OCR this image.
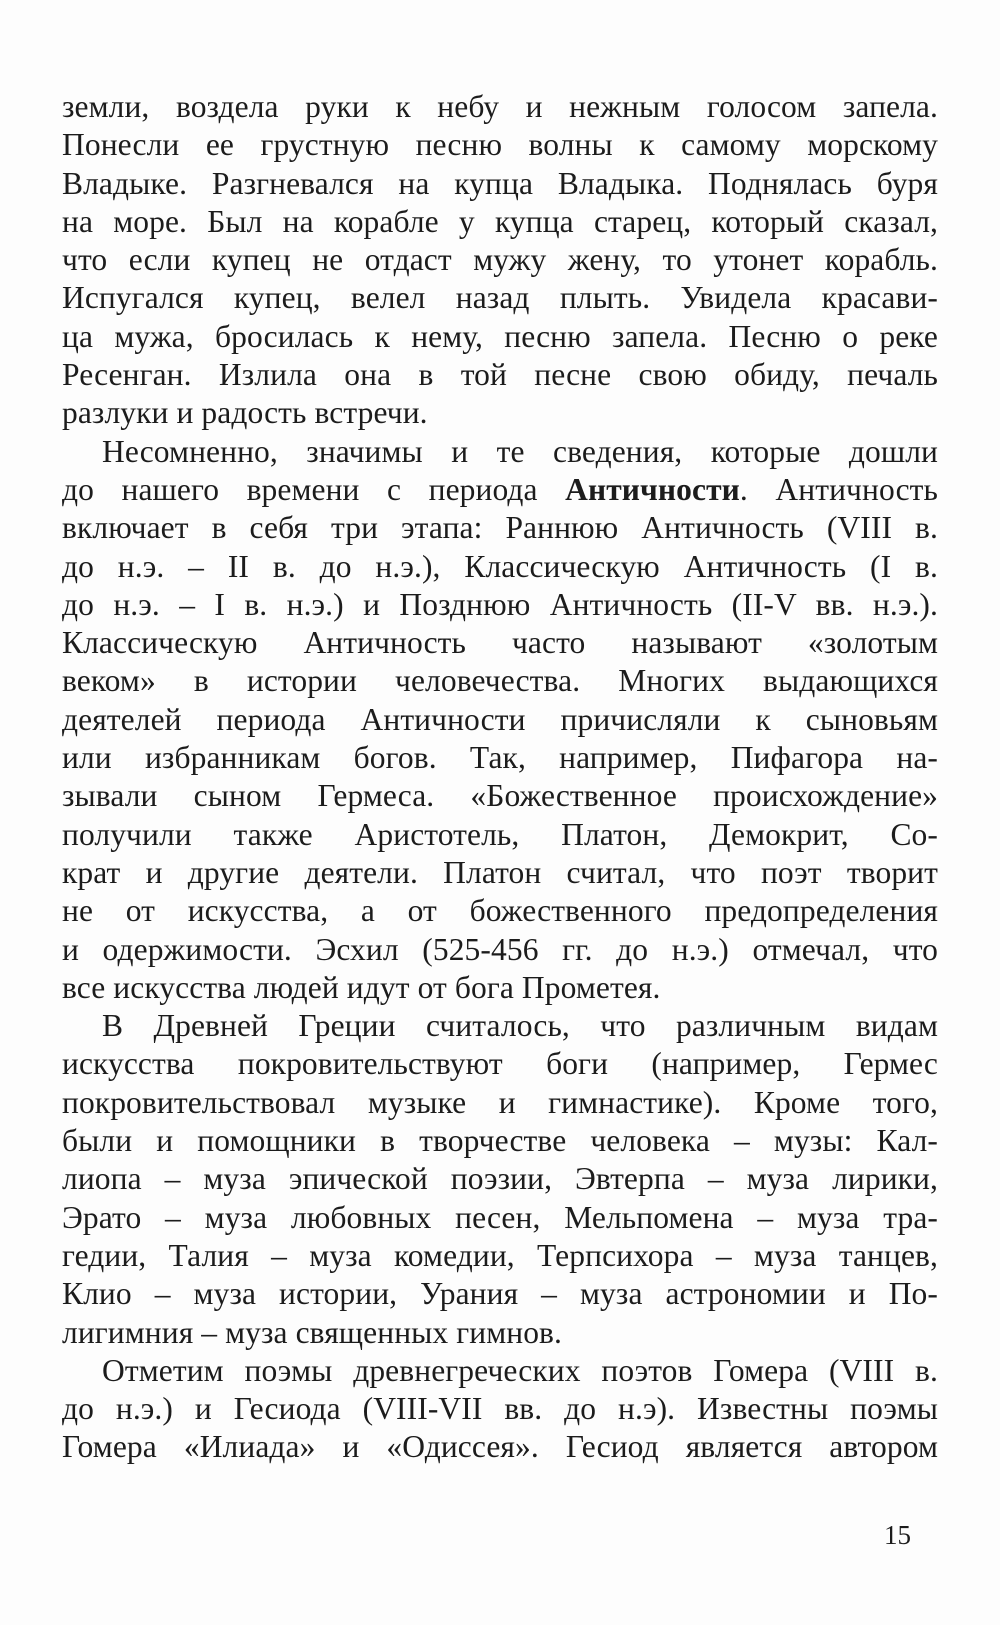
земли, воздела руки к небу и нежным голосом запела.
Понесли ее грустную песню волны к самому морскому
Владыке. Разгневался на купца Владыка. Поднялась буря
на море. Был на корабле у купца старец, который сказал,
что если купец не отдаст мужу жену, то утонет корабль.
Испугался купец, велел назад плыть. Увидела красави-
ца мужа, бросилась к нему, песню запела. Песню о реке
Ресенган. Излила она в той песне свою обиду, печаль
разлуки и радость встречи.
Несомненно, значимы и те сведения, которые дошли
до нашего времени с периода Античности. Античность
включает в себя три этапа: Раннюю Античность (VIII в.
до н.э. – II в. до н.э.), Классическую Античность (I в.
до н.э. – I в. н.э.) и Позднюю Античность (II-V вв. н.э.).
Классическую Античность часто называют «золотым
веком» в истории человечества. Многих выдающихся
деятелей периода Античности причисляли к сыновьям
или избранникам богов. Так, например, Пифагора на-
зывали сыном Гермеса. «Божественное происхождение»
получили также Аристотель, Платон, Демокрит, Со-
крат и другие деятели. Платон считал, что поэт творит
не от искусства, а от божественного предопределения
и одержимости. Эсхил (525-456 гг. до н.э.) отмечал, что
все искусства людей идут от бога Прометея.
В Древней Греции считалось, что различным видам
искусства покровительствуют боги (например, Гермес
покровительствовал музыке и гимнастике). Кроме того,
были и помощники в творчестве человека – музы: Кал-
лиопа – муза эпической поэзии, Эвтерпа – муза лирики,
Эрато – муза любовных песен, Мельпомена – муза тра-
гедии, Талия – муза комедии, Терпсихора – муза танцев,
Клио – муза истории, Урания – муза астрономии и По-
лигимния – муза священных гимнов.
Отметим поэмы древнегреческих поэтов Гомера (VIII в.
до н.э.) и Гесиода (VIII-VII вв. до н.э). Известны поэмы
Гомера «Илиада» и «Одиссея». Гесиод является автором
15
